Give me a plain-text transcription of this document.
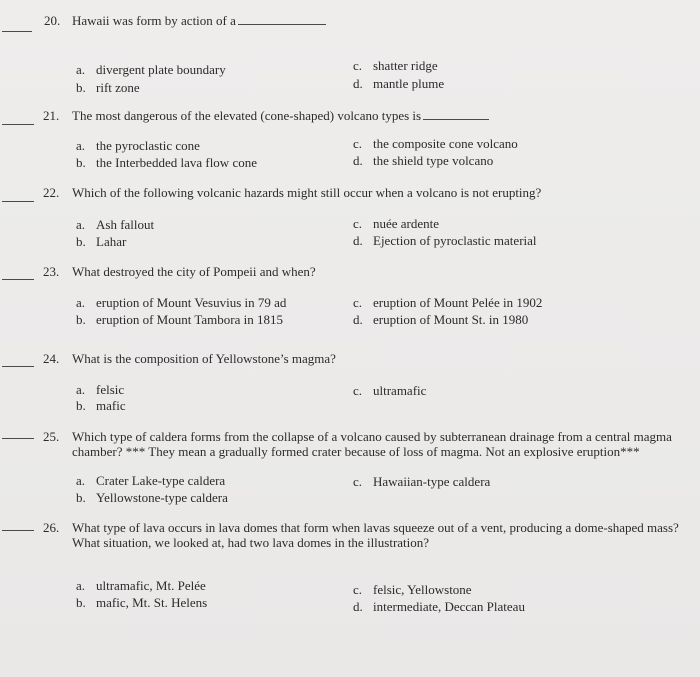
20. Hawaii was form by action of a
a. divergent plate boundary
b. rift zone
c. shatter ridge
d. mantle plume
21. The most dangerous of the elevated (cone-shaped) volcano types is
a. the pyroclastic cone
b. the Interbedded lava flow cone
c. the composite cone volcano
d. the shield type volcano
22. Which of the following volcanic hazards might still occur when a volcano is not erupting?
a. Ash fallout
b. Lahar
c. nuée ardente
d. Ejection of pyroclastic material
23. What destroyed the city of Pompeii and when?
a. eruption of Mount Vesuvius in 79 ad
b. eruption of Mount Tambora in 1815
c. eruption of Mount Pelée in 1902
d. eruption of Mount St. in 1980
24. What is the composition of Yellowstone’s magma?
a. felsic
b. mafic
c. ultramafic
25. Which type of caldera forms from the collapse of a volcano caused by subterranean drainage from a central magma chamber? *** They mean a gradually formed crater because of loss of magma. Not an explosive eruption***
a. Crater Lake-type caldera
b. Yellowstone-type caldera
c. Hawaiian-type caldera
26. What type of lava occurs in lava domes that form when lavas squeeze out of a vent, producing a dome-shaped mass? What situation, we looked at, had two lava domes in the illustration?
a. ultramafic, Mt. Pelée
b. mafic, Mt. St. Helens
c. felsic, Yellowstone
d. intermediate, Deccan Plateau
